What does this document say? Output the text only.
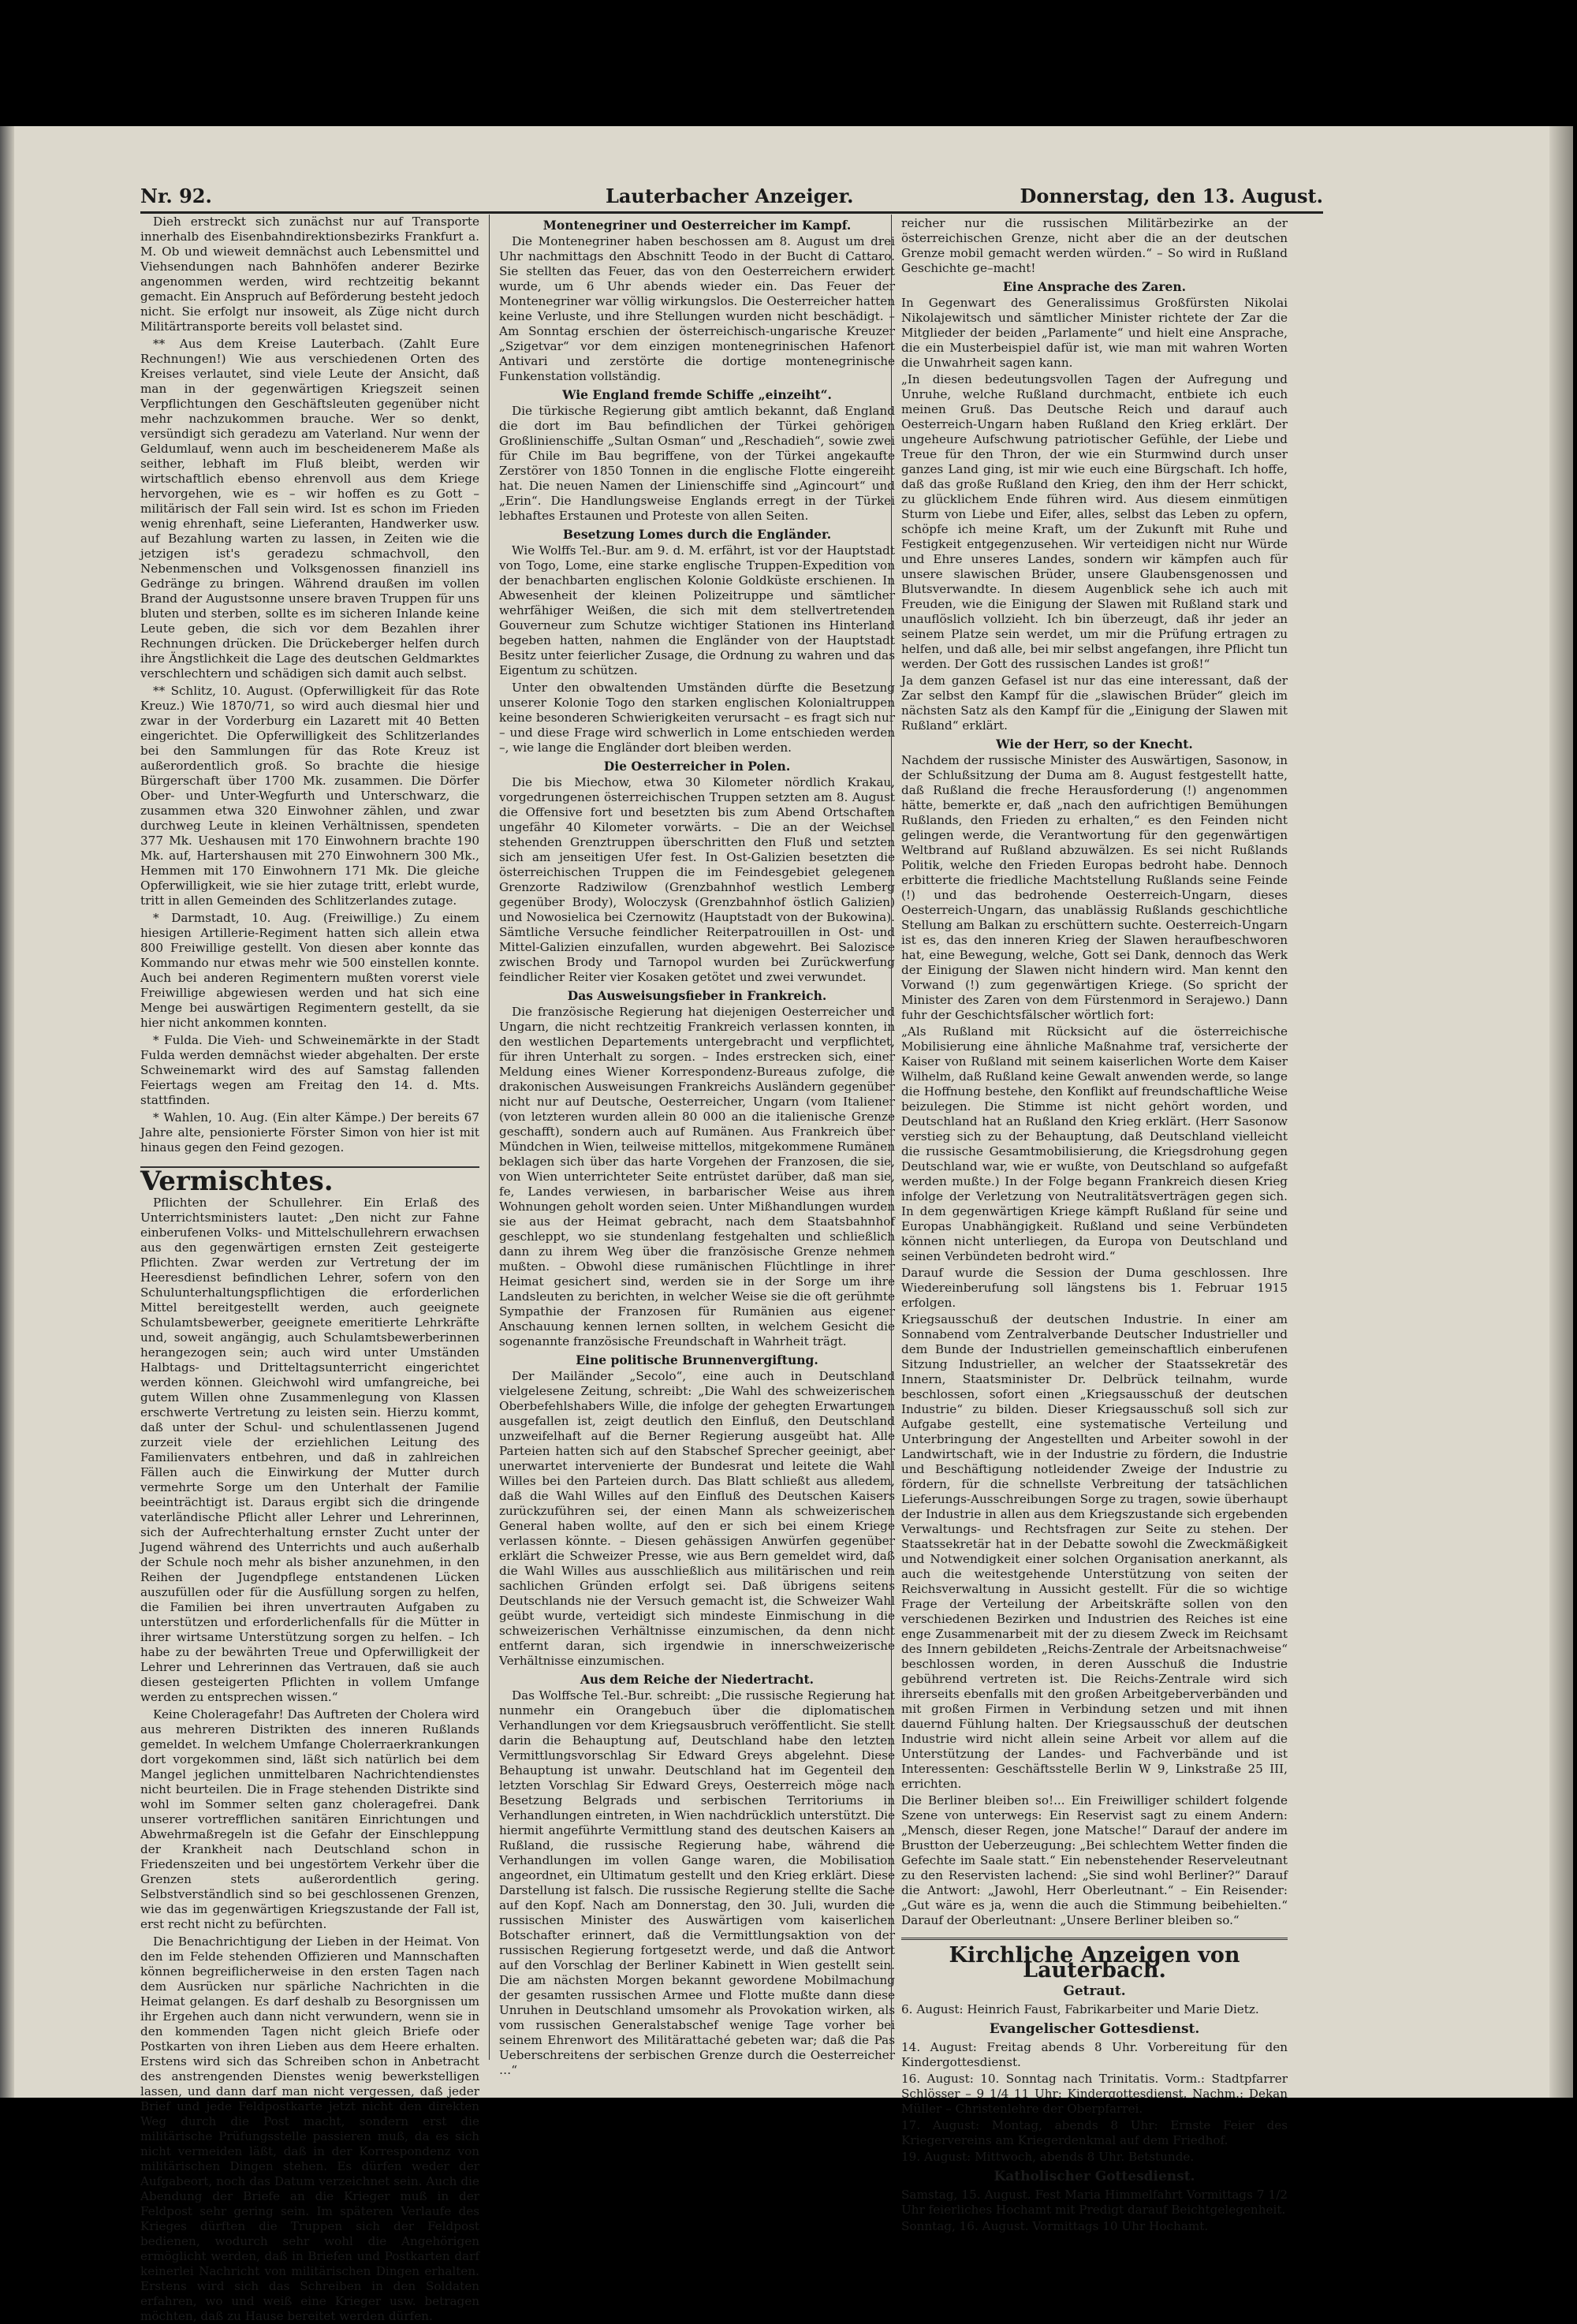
Nr. 92.	Lauterbacher Anzeiger.	Donnerstag, den 13. August.

Dieh erstreckt sich zunächst nur auf Transporte innerhalb des Eisenbahndirektionsbezirks Frankfurt a. M. Ob und wieweit demnächst auch Lebensmittel und Viehsendungen nach Bahnhöfen anderer Bezirke angenommen werden, wird rechtzeitig bekannt gemacht. Ein Anspruch auf Beförderung besteht jedoch nicht. Sie erfolgt nur insoweit, als Züge nicht durch Militärtransporte bereits voll belastet sind.

** Aus dem Kreise Lauterbach. (Zahlt Eure Rechnungen!) Wie aus verschiedenen Orten des Kreises verlautet, sind viele Leute der Ansicht, daß man in der gegenwärtigen Kriegszeit seinen Verpflichtungen den Geschäftsleuten gegenüber nicht mehr nachzukommen brauche. Wer so denkt, versündigt sich geradezu am Vaterland. Nur wenn der Geldumlauf, wenn auch im bescheidenerem Maße als seither, lebhaft im Fluß bleibt, werden wir wirtschaftlich ebenso ehrenvoll aus dem Kriege hervorgehen, wie es – wir hoffen es zu Gott – militärisch der Fall sein wird. Ist es schon im Frieden wenig ehrenhaft, seine Lieferanten, Handwerker usw. auf Bezahlung warten zu lassen, in Zeiten wie die jetzigen ist's geradezu schmachvoll, den Nebenmenschen und Volksgenossen finanziell ins Gedränge zu bringen. Während draußen im vollen Brand der Augustsonne unsere braven Truppen für uns bluten und sterben, sollte es im sicheren Inlande keine Leute geben, die sich vor dem Bezahlen ihrer Rechnungen drücken. Die Drückeberger helfen durch ihre Ängstlichkeit die Lage des deutschen Geldmarktes verschlechtern und schädigen sich damit auch selbst.

** Schlitz, 10. August. (Opferwilligkeit für das Rote Kreuz.) Wie 1870/71, so wird auch diesmal hier und zwar in der Vorderburg ein Lazarett mit 40 Betten eingerichtet. Die Opferwilligkeit des Schlitzerlandes bei den Sammlungen für das Rote Kreuz ist außerordentlich groß. So brachte die hiesige Bürgerschaft über 1700 Mk. zusammen. Die Dörfer Ober- und Unter-Wegfurth und Unterschwarz, die zusammen etwa 320 Einwohner zählen, und zwar durchweg Leute in kleinen Verhältnissen, spendeten 377 Mk. Ueshausen mit 170 Einwohnern brachte 190 Mk. auf, Hartershausen mit 270 Einwohnern 300 Mk., Hemmen mit 170 Einwohnern 171 Mk. Die gleiche Opferwilligkeit, wie sie hier zutage tritt, erlebt wurde, tritt in allen Gemeinden des Schlitzerlandes zutage.

* Darmstadt, 10. Aug. (Freiwillige.) Zu einem hiesigen Artillerie-Regiment hatten sich allein etwa 800 Freiwillige gestellt. Von diesen aber konnte das Kommando nur etwas mehr wie 500 einstellen konnte. Auch bei anderen Regimentern mußten vorerst viele Freiwillige abgewiesen werden und hat sich eine Menge bei auswärtigen Regimentern gestellt, da sie hier nicht ankommen konnten.

* Fulda. Die Vieh- und Schweinemärkte in der Stadt Fulda werden demnächst wieder abgehalten. Der erste Schweinemarkt wird des auf Samstag fallenden Feiertags wegen am Freitag den 14. d. Mts. stattfinden.

* Wahlen, 10. Aug. (Ein alter Kämpe.) Der bereits 67 Jahre alte, pensionierte Förster Simon von hier ist mit hinaus gegen den Feind gezogen.

Vermischtes.

Pflichten der Schullehrer. Ein Erlaß des Unterrichtsministers lautet: „Den nicht zur Fahne einberufenen Volks- und Mittelschullehrern erwachsen aus den gegenwärtigen ernsten Zeit gesteigerte Pflichten. Zwar werden zur Vertretung der im Heeresdienst befindlichen Lehrer, sofern von den Schulunterhaltungspflichtigen die erforderlichen Mittel bereitgestellt werden, auch geeignete Schulamtsbewerber, geeignete emeritierte Lehrkräfte und, soweit angängig, auch Schulamtsbewerberinnen herangezogen sein; auch wird unter Umständen Halbtags- und Dritteltagsunterricht eingerichtet werden können. Gleichwohl wird umfangreiche, bei gutem Willen ohne Zusammenlegung von Klassen erschwerte Vertretung zu leisten sein. Hierzu kommt, daß unter der Schul- und schulentlassenen Jugend zurzeit viele der erziehlichen Leitung des Familienvaters entbehren, und daß in zahlreichen Fällen auch die Einwirkung der Mutter durch vermehrte Sorge um den Unterhalt der Familie beeinträchtigt ist. Daraus ergibt sich die dringende vaterländische Pflicht aller Lehrer und Lehrerinnen, sich der Aufrechterhaltung ernster Zucht unter der Jugend während des Unterrichts und auch außerhalb der Schule noch mehr als bisher anzunehmen, in den Reihen der Jugendpflege entstandenen Lücken auszufüllen oder für die Ausfüllung sorgen zu helfen, die Familien bei ihren unvertrauten Aufgaben zu unterstützen und erforderlichenfalls für die Mütter in ihrer wirtsame Unterstützung sorgen zu helfen. – Ich habe zu der bewährten Treue und Opferwilligkeit der Lehrer und Lehrerinnen das Vertrauen, daß sie auch diesen gesteigerten Pflichten in vollem Umfange werden zu entsprechen wissen.“

Keine Choleragefahr! Das Auftreten der Cholera wird aus mehreren Distrikten des inneren Rußlands gemeldet. In welchem Umfange Cholerraerkrankungen dort vorgekommen sind, läßt sich natürlich bei dem Mangel jeglichen unmittelbaren Nachrichtendienstes nicht beurteilen. Die in Frage stehenden Distrikte sind wohl im Sommer selten ganz choleragefrei. Dank unserer vortrefflichen sanitären Einrichtungen und Abwehrmaßregeln ist die Gefahr der Einschleppung der Krankheit nach Deutschland schon in Friedenszeiten und bei ungestörtem Verkehr über die Grenzen stets außerordentlich gering. Selbstverständlich sind so bei geschlossenen Grenzen, wie das im gegenwärtigen Kriegszustande der Fall ist, erst recht nicht zu befürchten.

Die Benachrichtigung der Lieben in der Heimat. Von den im Felde stehenden Offizieren und Mannschaften können begreiflicherweise in den ersten Tagen nach dem Ausrücken nur spärliche Nachrichten in die Heimat gelangen. Es darf deshalb zu Besorgnissen um ihr Ergehen auch dann nicht verwundern, wenn sie in den kommenden Tagen nicht gleich Briefe oder Postkarten von ihren Lieben aus dem Heere erhalten. Erstens wird sich das Schreiben schon in Anbetracht des anstrengenden Dienstes wenig bewerkstelligen lassen, und dann darf man nicht vergessen, daß jeder Brief und jede Feldpostkarte jetzt nicht den direkten Weg durch die Post macht, sondern erst die militärische Prüfungsstelle passieren muß, da es sich nicht vermeiden läßt, daß in der Korrespondenz von militärischen Dingen stehen. Es dürfen weder der Aufgabeort, noch das Datum verzeichnet sein. Auch die Abendung der Briefe an die Krieger muß in der Feldpost sehr gering sein. Im späteren Verlaufe des Krieges dürften die Truppen sich der Feldpost bedienen, wodurch sehr wohl die Angehörigen ermöglicht werden, daß in Briefen und Postkarten darf keinerlei Nachricht von militärischen Dingen erhalten. Erstens wird sich das Schreiben in den Soldaten erfahren, wo und weiß eine Krieger usw. betragen möchten, daß zu Hause bereitet werden dürfen.

Montenegriner und Oesterreicher im Kampf.

Die Montenegriner haben beschossen am 8. August um drei Uhr nachmittags den Abschnitt Teodo in der Bucht di Cattaro. Sie stellten das Feuer, das von den Oesterreichern erwidert wurde, um 6 Uhr abends wieder ein. Das Feuer der Montenegriner war völlig wirkungslos. Die Oesterreicher hatten keine Verluste, und ihre Stellungen wurden nicht beschädigt. – Am Sonntag erschien der österreichisch-ungarische Kreuzer „Szigetvar“ vor dem einzigen montenegrinischen Hafenort Antivari und zerstörte die dortige montenegrinische Funkenstation vollständig.

Wie England fremde Schiffe „einzeiht“.

Die türkische Regierung gibt amtlich bekannt, daß England die dort im Bau befindlichen der Türkei gehörigen Großlinienschiffe „Sultan Osman“ und „Reschadieh“, sowie zwei für Chile im Bau begriffene, von der Türkei angekaufte Zerstörer von 1850 Tonnen in die englische Flotte eingereiht hat. Die neuen Namen der Linienschiffe sind „Agincourt“ und „Erin“. Die Handlungsweise Englands erregt in der Türkei lebhaftes Erstaunen und Proteste von allen Seiten.

Besetzung Lomes durch die Engländer.

Wie Wolffs Tel.-Bur. am 9. d. M. erfährt, ist vor der Hauptstadt von Togo, Lome, eine starke englische Truppen-Expedition von der benachbarten englischen Kolonie Goldküste erschienen. In Abwesenheit der kleinen Polizeitruppe und sämtlicher wehrfähiger Weißen, die sich mit dem stellvertretenden Gouverneur zum Schutze wichtiger Stationen ins Hinterland begeben hatten, nahmen die Engländer von der Hauptstadt Besitz unter feierlicher Zusage, die Ordnung zu wahren und das Eigentum zu schützen.

Unter den obwaltenden Umständen dürfte die Besetzung unserer Kolonie Togo den starken englischen Kolonialtruppen keine besonderen Schwierigkeiten verursacht – es fragt sich nur – und diese Frage wird schwerlich in Lome entschieden werden –, wie lange die Engländer dort bleiben werden.

Die Oesterreicher in Polen.

Die bis Miechow, etwa 30 Kilometer nördlich Krakau, vorgedrungenen österreichischen Truppen setzten am 8. August die Offensive fort und besetzten bis zum Abend Ortschaften ungefähr 40 Kilometer vorwärts. – Die an der Weichsel stehenden Grenztruppen überschritten den Fluß und setzten sich am jenseitigen Ufer fest. In Ost-Galizien besetzten die österreichischen Truppen die im Feindesgebiet gelegenen Grenzorte Radziwilow (Grenzbahnhof westlich Lemberg gegenüber Brody), Woloczysk (Grenzbahnhof östlich Galizien) und Nowosielica bei Czernowitz (Hauptstadt von der Bukowina). Sämtliche Versuche feindlicher Reiterpatrouillen in Ost- und Mittel-Galizien einzufallen, wurden abgewehrt. Bei Salozisce zwischen Brody und Tarnopol wurden bei Zurückwerfung feindlicher Reiter vier Kosaken getötet und zwei verwundet.

Das Ausweisungsfieber in Frankreich.

Die französische Regierung hat diejenigen Oesterreicher und Ungarn, die nicht rechtzeitig Frankreich verlassen konnten, in den westlichen Departements untergebracht und verpflichtet, für ihren Unterhalt zu sorgen. – Indes erstrecken sich, einer Meldung eines Wiener Korrespondenz-Bureaus zufolge, die drakonischen Ausweisungen Frankreichs Ausländern gegenüber nicht nur auf Deutsche, Oesterreicher, Ungarn (vom Italiener (von letzteren wurden allein 80 000 an die italienische Grenze geschafft), sondern auch auf Rumänen. Aus Frankreich über Mündchen in Wien, teilweise mittellos, mitgekommene Rumänen beklagen sich über das harte Vorgehen der Franzosen, die sie, von Wien unterrichteter Seite entrüstet darüber, daß man sie, fe, Landes verwiesen, in barbarischer Weise aus ihren Wohnungen geholt worden seien. Unter Mißhandlungen wurden sie aus der Heimat gebracht, nach dem Staatsbahnhof geschleppt, wo sie stundenlang festgehalten und schließlich dann zu ihrem Weg über die französische Grenze nehmen mußten. – Obwohl diese rumänischen Flüchtlinge in ihrer Heimat gesichert sind, werden sie in der Sorge um ihre Landsleuten zu berichten, in welcher Weise sie die oft gerühmte Sympathie der Franzosen für Rumänien aus eigener Anschauung kennen lernen sollten, in welchem Gesicht die sogenannte französische Freundschaft in Wahrheit trägt.

Eine politische Brunnenvergiftung.

Der Mailänder „Secolo“, eine auch in Deutschland vielgelesene Zeitung, schreibt: „Die Wahl des schweizerischen Oberbefehlshabers Wille, die infolge der gehegten Erwartungen ausgefallen ist, zeigt deutlich den Einfluß, den Deutschland unzweifelhaft auf die Berner Regierung ausgeübt hat. Alle Parteien hatten sich auf den Stabschef Sprecher geeinigt, aber unerwartet intervenierte der Bundesrat und leitete die Wahl Willes bei den Parteien durch. Das Blatt schließt aus alledem, daß die Wahl Willes auf den Einfluß des Deutschen Kaisers zurückzuführen sei, der einen Mann als schweizerischen General haben wollte, auf den er sich bei einem Kriege verlassen könnte. – Diesen gehässigen Anwürfen gegenüber erklärt die Schweizer Presse, wie aus Bern gemeldet wird, daß die Wahl Willes aus ausschließlich aus militärischen und rein sachlichen Gründen erfolgt sei. Daß übrigens seitens Deutschlands nie der Versuch gemacht ist, die Schweizer Wahl geübt wurde, verteidigt sich mindeste Einmischung in die schweizerischen Verhältnisse einzumischen, da denn nicht entfernt daran, sich irgendwie in innerschweizerische Verhältnisse einzumischen.

Aus dem Reiche der Niedertracht.

Das Wolffsche Tel.-Bur. schreibt: „Die russische Regierung hat nunmehr ein Orangebuch über die diplomatischen Verhandlungen vor dem Kriegsausbruch veröffentlicht. Sie stellt darin die Behauptung auf, Deutschland habe den letzten Vermittlungsvorschlag Sir Edward Greys abgelehnt. Diese Behauptung ist unwahr. Deutschland hat im Gegenteil den letzten Vorschlag Sir Edward Greys, Oesterreich möge nach Besetzung Belgrads und serbischen Territoriums in Verhandlungen eintreten, in Wien nachdrücklich unterstützt. Die hiermit angeführte Vermittlung stand des deutschen Kaisers an Rußland, die russische Regierung habe, während die Verhandlungen im vollen Gange waren, die Mobilisation angeordnet, ein Ultimatum gestellt und den Krieg erklärt. Diese Darstellung ist falsch. Die russische Regierung stellte die Sache auf den Kopf. Nach am Donnerstag, den 30. Juli, wurden die russischen Minister des Auswärtigen vom kaiserlichen Botschafter erinnert, daß die Vermittlungsaktion von der russischen Regierung fortgesetzt werde, und daß die Antwort auf den Vorschlag der Berliner Kabinett in Wien gestellt sein. Die am nächsten Morgen bekannt gewordene Mobilmachung der gesamten russischen Armee und Flotte mußte dann diese Unruhen in Deutschland umsomehr als Provokation wirken, als vom russischen Generalstabschef wenige Tage vorher bei seinem Ehrenwort des Militärattaché gebeten war; daß die Pas Ueberschreitens der serbischen Grenze durch die Oesterreicher …“

reicher nur die russischen Militärbezirke an der österreichischen Grenze, nicht aber die an der deutschen Grenze mobil gemacht werden würden.“ – So wird in Rußland Geschichte ge–macht!

Eine Ansprache des Zaren.

In Gegenwart des Generalissimus Großfürsten Nikolai Nikolajewitsch und sämtlicher Minister richtete der Zar die Mitglieder der beiden „Parlamente“ und hielt eine Ansprache, die ein Musterbeispiel dafür ist, wie man mit wahren Worten die Unwahrheit sagen kann.

„In diesen bedeutungsvollen Tagen der Aufregung und Unruhe, welche Rußland durchmacht, entbiete ich euch meinen Gruß. Das Deutsche Reich und darauf auch Oesterreich-Ungarn haben Rußland den Krieg erklärt. Der ungeheure Aufschwung patriotischer Gefühle, der Liebe und Treue für den Thron, der wie ein Sturmwind durch unser ganzes Land ging, ist mir wie euch eine Bürgschaft. Ich hoffe, daß das große Rußland den Krieg, den ihm der Herr schickt, zu glücklichem Ende führen wird. Aus diesem einmütigen Sturm von Liebe und Eifer, alles, selbst das Leben zu opfern, schöpfe ich meine Kraft, um der Zukunft mit Ruhe und Festigkeit entgegenzusehen. Wir verteidigen nicht nur Würde und Ehre unseres Landes, sondern wir kämpfen auch für unsere slawischen Brüder, unsere Glaubensgenossen und Blutsverwandte. In diesem Augenblick sehe ich auch mit Freuden, wie die Einigung der Slawen mit Rußland stark und unauflöslich vollzieht. Ich bin überzeugt, daß ihr jeder an seinem Platze sein werdet, um mir die Prüfung ertragen zu helfen, und daß alle, bei mir selbst angefangen, ihre Pflicht tun werden. Der Gott des russischen Landes ist groß!“

Ja dem ganzen Gefasel ist nur das eine interessant, daß der Zar selbst den Kampf für die „slawischen Brüder“ gleich im nächsten Satz als den Kampf für die „Einigung der Slawen mit Rußland“ erklärt.

Wie der Herr, so der Knecht.

Nachdem der russische Minister des Auswärtigen, Sasonow, in der Schlußsitzung der Duma am 8. August festgestellt hatte, daß Rußland die freche Herausforderung (!) angenommen hätte, bemerkte er, daß „nach den aufrichtigen Bemühungen Rußlands, den Frieden zu erhalten,“ es den Feinden nicht gelingen werde, die Verantwortung für den gegenwärtigen Weltbrand auf Rußland abzuwälzen. Es sei nicht Rußlands Politik, welche den Frieden Europas bedroht habe. Dennoch erbitterte die friedliche Machtstellung Rußlands seine Feinde (!) und das bedrohende Oesterreich-Ungarn, dieses Oesterreich-Ungarn, das unablässig Rußlands geschichtliche Stellung am Balkan zu erschüttern suchte. Oesterreich-Ungarn ist es, das den inneren Krieg der Slawen heraufbeschworen hat, eine Bewegung, welche, Gott sei Dank, dennoch das Werk der Einigung der Slawen nicht hindern wird. Man kennt den Vorwand (!) zum gegenwärtigen Kriege. (So spricht der Minister des Zaren von dem Fürstenmord in Serajewo.) Dann fuhr der Geschichtsfälscher wörtlich fort:

„Als Rußland mit Rücksicht auf die österreichische Mobilisierung eine ähnliche Maßnahme traf, versicherte der Kaiser von Rußland mit seinem kaiserlichen Worte dem Kaiser Wilhelm, daß Rußland keine Gewalt anwenden werde, so lange die Hoffnung bestehe, den Konflikt auf freundschaftliche Weise beizulegen. Die Stimme ist nicht gehört worden, und Deutschland hat an Rußland den Krieg erklärt. (Herr Sasonow verstieg sich zu der Behauptung, daß Deutschland vielleicht die russische Gesamtmobilisierung, die Kriegsdrohung gegen Deutschland war, wie er wußte, von Deutschland so aufgefaßt werden mußte.) In der Folge begann Frankreich diesen Krieg infolge der Verletzung von Neutralitätsverträgen gegen sich. In dem gegenwärtigen Kriege kämpft Rußland für seine und Europas Unabhängigkeit. Rußland und seine Verbündeten können nicht unterliegen, da Europa von Deutschland und seinen Verbündeten bedroht wird.“

Darauf wurde die Session der Duma geschlossen. Ihre Wiedereinberufung soll längstens bis 1. Februar 1915 erfolgen.

Kriegsausschuß der deutschen Industrie. In einer am Sonnabend vom Zentralverbande Deutscher Industrieller und dem Bunde der Industriellen gemeinschaftlich einberufenen Sitzung Industrieller, an welcher der Staatssekretär des Innern, Staatsminister Dr. Delbrück teilnahm, wurde beschlossen, sofort einen „Kriegsausschuß der deutschen Industrie“ zu bilden. Dieser Kriegsausschuß soll sich zur Aufgabe gestellt, eine systematische Verteilung und Unterbringung der Angestellten und Arbeiter sowohl in der Landwirtschaft, wie in der Industrie zu fördern, die Industrie und Beschäftigung notleidender Zweige der Industrie zu fördern, für die schnellste Verbreitung der tatsächlichen Lieferungs-Ausschreibungen Sorge zu tragen, sowie überhaupt der Industrie in allen aus dem Kriegszustande sich ergebenden Verwaltungs- und Rechtsfragen zur Seite zu stehen. Der Staatssekretär hat in der Debatte sowohl die Zweckmäßigkeit und Notwendigkeit einer solchen Organisation anerkannt, als auch die weitestgehende Unterstützung von seiten der Reichsverwaltung in Aussicht gestellt. Für die so wichtige Frage der Verteilung der Arbeitskräfte sollen von den verschiedenen Bezirken und Industrien des Reiches ist eine enge Zusammenarbeit mit der zu diesem Zweck im Reichsamt des Innern gebildeten „Reichs-Zentrale der Arbeitsnachweise“ beschlossen worden, in deren Ausschuß die Industrie gebührend vertreten ist. Die Reichs-Zentrale wird sich ihrerseits ebenfalls mit den großen Arbeitgeberverbänden und mit großen Firmen in Verbindung setzen und mit ihnen dauernd Fühlung halten. Der Kriegsausschuß der deutschen Industrie wird nicht allein seine Arbeit vor allem auf die Unterstützung der Landes- und Fachverbände und ist Interessenten: Geschäftsstelle Berlin W 9, Linkstraße 25 III, errichten.

Die Berliner bleiben so!... Ein Freiwilliger schildert folgende Szene von unterwegs: Ein Reservist sagt zu einem Andern: „Mensch, dieser Regen, jone Matsche!“ Darauf der andere im Brustton der Ueberzeugung: „Bei schlechtem Wetter finden die Gefechte im Saale statt.“ Ein nebenstehender Reserveleutnant zu den Reservisten lachend: „Sie sind wohl Berliner?“ Darauf die Antwort: „Jawohl, Herr Oberleutnant.“ – Ein Reisender: „Gut wäre es ja, wenn die auch die Stimmung beibehielten.“ Darauf der Oberleutnant: „Unsere Berliner bleiben so.“

Kirchliche Anzeigen von Lauterbach.
Getraut.

6. August: Heinrich Faust, Fabrikarbeiter und Marie Dietz.

Evangelischer Gottesdienst.

14. August: Freitag abends 8 Uhr. Vorbereitung für den Kindergottesdienst.

16. August: 10. Sonntag nach Trinitatis. Vorm.: Stadtpfarrer Schlösser – 9 1/4 11 Uhr: Kindergottesdienst. Nachm.: Dekan Müller – Christenlehre der Oberpfarrei.

17. August: Montag, abends 8 Uhr: Ernste Feier des Kriegervereins am Kriegerdenkmal auf dem Friedhof.

19. August: Mittwoch, abends 8 Uhr. Betstunde.

Katholischer Gottesdienst.

Samstag, 15. August. Fest Maria Himmelfahrt Vormittags 7 1/2 Uhr feierliches Hochamt mit Predigt darauf Beichtgelegenheit.

Sonntag, 16. August. Vormittags 10 Uhr Hochamt.
